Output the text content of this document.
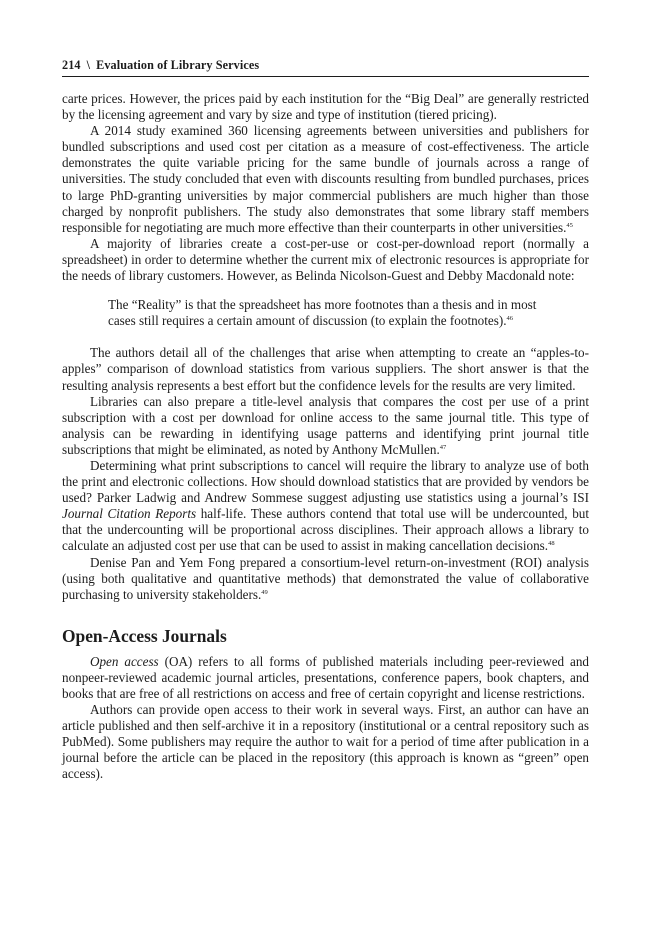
214 \ Evaluation of Library Services

carte prices. However, the prices paid by each institution for the “Big Deal” are generally restricted by the licensing agreement and vary by size and type of institution (tiered pricing).

A 2014 study examined 360 licensing agreements between universities and publishers for bundled subscriptions and used cost per citation as a measure of cost-effectiveness. The article demonstrates the quite variable pricing for the same bundle of journals across a range of universities. The study concluded that even with discounts resulting from bundled purchases, prices to large PhD-granting universities by major commercial publishers are much higher than those charged by nonprofit publishers. The study also demonstrates that some library staff members responsible for negotiating are much more effective than their counterparts in other universities.$^{45}$

A majority of libraries create a cost-per-use or cost-per-download report (normally a spreadsheet) in order to determine whether the current mix of electronic resources is appropriate for the needs of library customers. However, as Belinda Nicolson-Guest and Debby Macdonald note:

The “Reality” is that the spreadsheet has more footnotes than a thesis and in most cases still requires a certain amount of discussion (to explain the footnotes).$^{46}$

The authors detail all of the challenges that arise when attempting to create an “apples-to-apples” comparison of download statistics from various suppliers. The short answer is that the resulting analysis represents a best effort but the confidence levels for the results are very limited.

Libraries can also prepare a title-level analysis that compares the cost per use of a print subscription with a cost per download for online access to the same journal title. This type of analysis can be rewarding in identifying usage patterns and identifying print journal title subscriptions that might be eliminated, as noted by Anthony McMullen.$^{47}$

Determining what print subscriptions to cancel will require the library to analyze use of both the print and electronic collections. How should download statistics that are provided by vendors be used? Parker Ladwig and Andrew Sommese suggest adjusting use statistics using a journal’s ISI Journal Citation Reports half-life. These authors contend that total use will be undercounted, but that the undercounting will be proportional across disciplines. Their approach allows a library to calculate an adjusted cost per use that can be used to assist in making cancellation decisions.$^{48}$

Denise Pan and Yem Fong prepared a consortium-level return-on-investment (ROI) analysis (using both qualitative and quantitative methods) that demonstrated the value of collaborative purchasing to university stakeholders.$^{49}$

Open-Access Journals

Open access (OA) refers to all forms of published materials including peer-reviewed and nonpeer-reviewed academic journal articles, presentations, conference papers, book chapters, and books that are free of all restrictions on access and free of certain copyright and license restrictions.

Authors can provide open access to their work in several ways. First, an author can have an article published and then self-archive it in a repository (institutional or a central repository such as PubMed). Some publishers may require the author to wait for a period of time after publication in a journal before the article can be placed in the repository (this approach is known as “green” open access).
